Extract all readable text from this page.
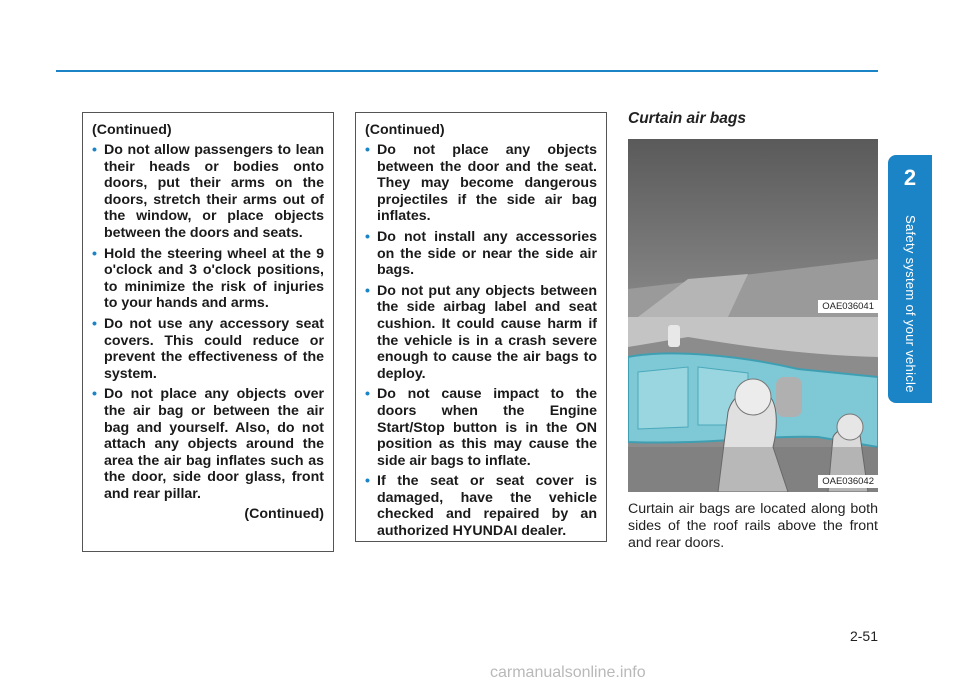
(Continued)
• Do not allow passengers to lean their heads or bodies onto doors, put their arms on the doors, stretch their arms out of the window, or place objects between the doors and seats.
• Hold the steering wheel at the 9 o'clock and 3 o'clock positions, to minimize the risk of injuries to your hands and arms.
• Do not use any accessory seat covers. This could reduce or prevent the effectiveness of the system.
• Do not place any objects over the air bag or between the air bag and yourself. Also, do not attach any objects around the area the air bag inflates such as the door, side door glass, front and rear pillar.
(Continued)
(Continued)
• Do not place any objects between the door and the seat. They may become dangerous projectiles if the side air bag inflates.
• Do not install any accessories on the side or near the side air bags.
• Do not put any objects between the side airbag label and seat cushion. It could cause harm if the vehicle is in a crash severe enough to cause the air bags to deploy.
• Do not cause impact to the doors when the Engine Start/Stop button is in the ON position as this may cause the side air bags to inflate.
• If the seat or seat cover is damaged, have the vehicle checked and repaired by an authorized HYUNDAI dealer.
Curtain air bags
OAE036041
OAE036042
Curtain air bags are located along both sides of the roof rails above the front and rear doors.
2
Safety system of your vehicle
2-51
carmanualsonline.info
